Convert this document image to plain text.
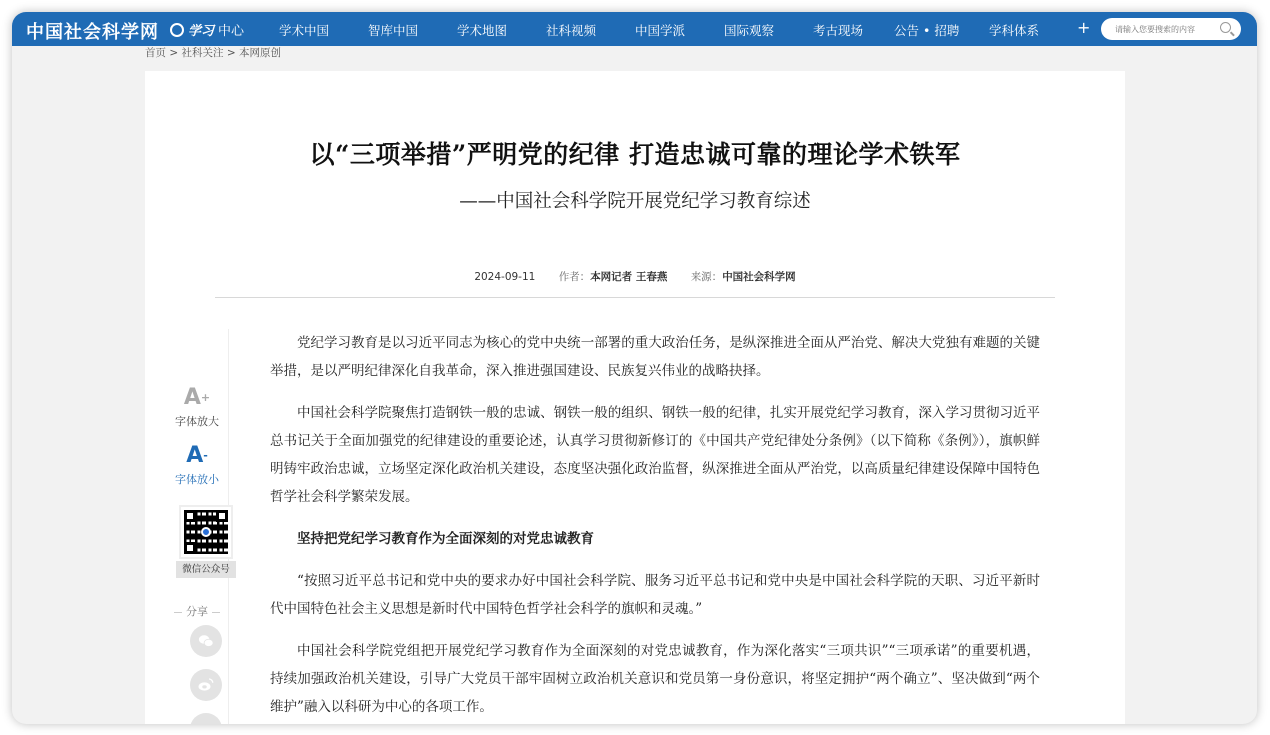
中国社会科学网 学习 中心	学术中国	智库中国	学术地图	社科视频	中国学派	国际观察	考古现场 公告 • 招聘 学科体系 +
请输入您要搜索的内容
首页 > 社科关注 > 本网原创
以“三项举措”严明党的纪律 打造忠诚可靠的理论学术铁军
——中国社会科学院开展党纪学习教育综述
2024-09-11 作者：本网记者 王春燕 来源：中国社会科学网
A+
字体放大
A-
字体放小
微信公众号
分享

党纪学习教育是以习近平同志为核心的党中央统一部署的重大政治任务，是纵深推进全面从严治党、解决大党独有难题的关键举措，是以严明纪律深化自我革命，深入推进强国建设、民族复兴伟业的战略抉择。

中国社会科学院聚焦打造钢铁一般的忠诚、钢铁一般的组织、钢铁一般的纪律，扎实开展党纪学习教育，深入学习贯彻习近平总书记关于全面加强党的纪律建设的重要论述，认真学习贯彻新修订的《中国共产党纪律处分条例》（以下简称《条例》），旗帜鲜明铸牢政治忠诚，立场坚定深化政治机关建设，态度坚决强化政治监督，纵深推进全面从严治党，以高质量纪律建设保障中国特色哲学社会科学繁荣发展。

坚持把党纪学习教育作为全面深刻的对党忠诚教育

“按照习近平总书记和党中央的要求办好中国社会科学院、服务习近平总书记和党中央是中国社会科学院的天职、习近平新时代中国特色社会主义思想是新时代中国特色哲学社会科学的旗帜和灵魂。”

中国社会科学院党组把开展党纪学习教育作为全面深刻的对党忠诚教育，作为深化落实“三项共识”“三项承诺”的重要机遇，持续加强政治机关建设，引导广大党员干部牢固树立政治机关意识和党员第一身份意识，将坚定拥护“两个确立”、坚决做到“两个维护”融入以科研为中心的各项工作。
